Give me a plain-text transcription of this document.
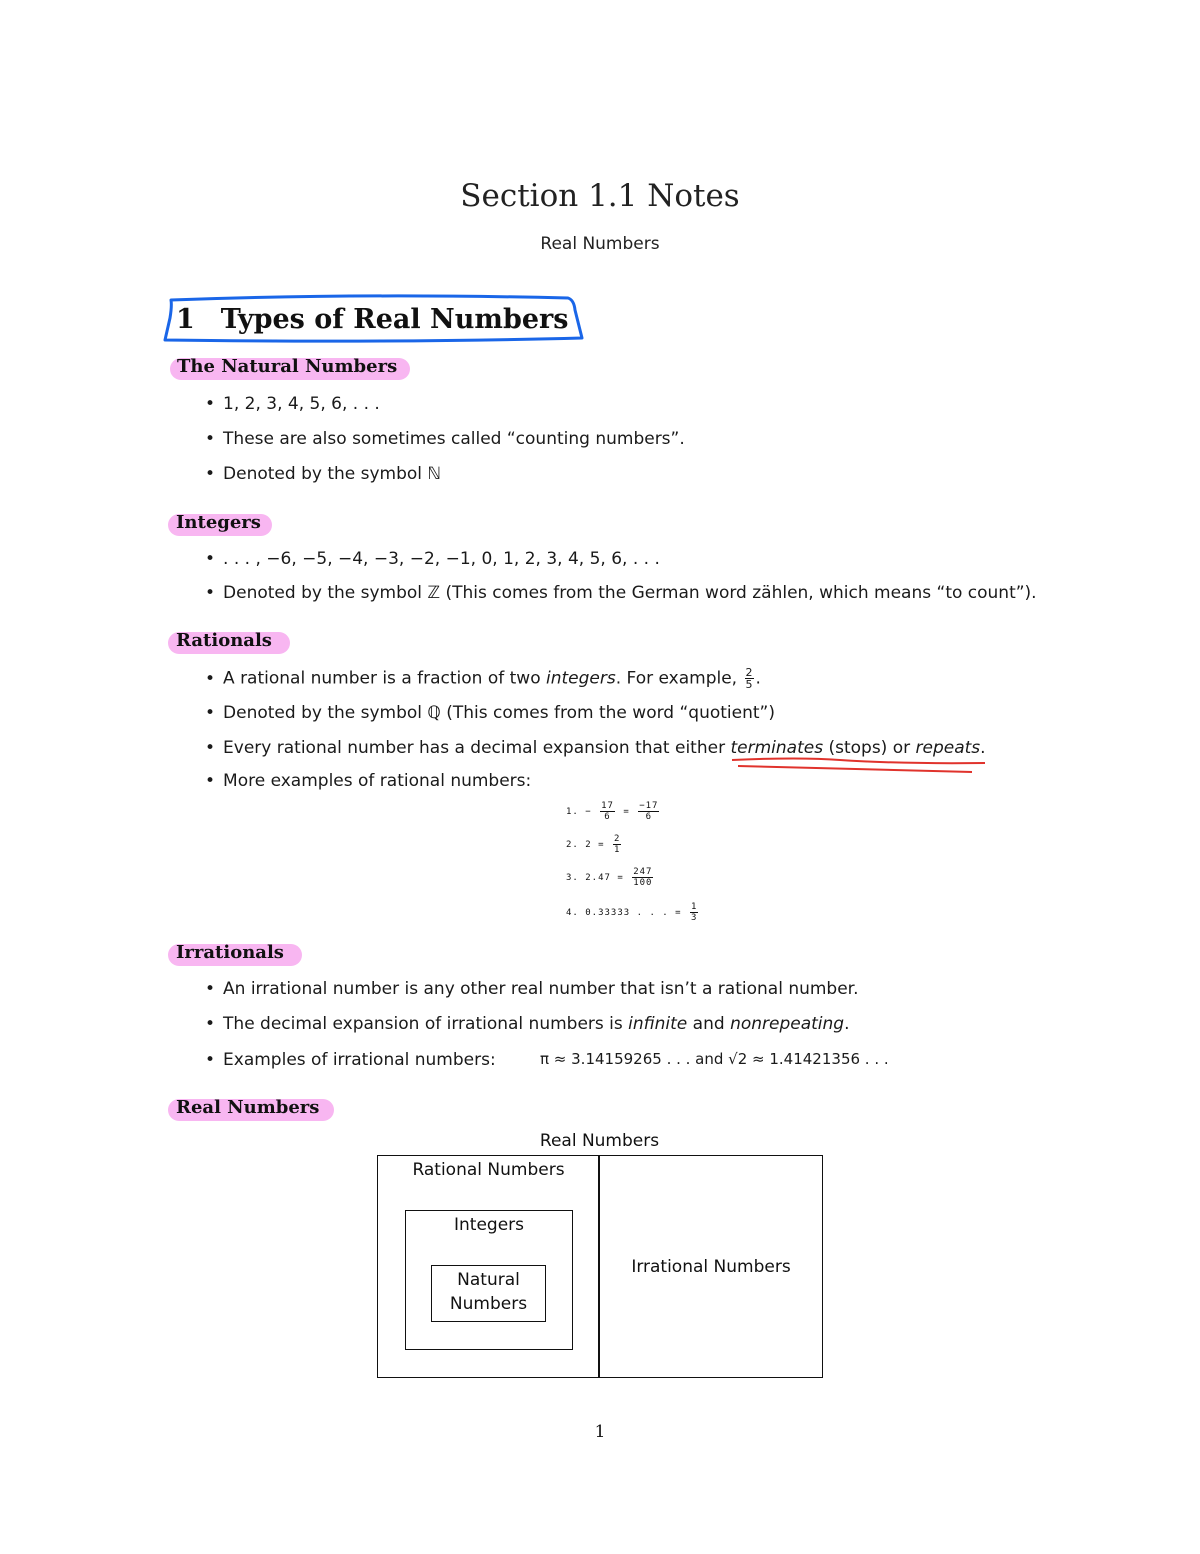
Section 1.1 Notes
Real Numbers
1 Types of Real Numbers
The Natural Numbers
• 1, 2, 3, 4, 5, 6, . . .
• These are also sometimes called “counting numbers”.
• Denoted by the symbol ℕ
Integers
• . . . , −6, −5, −4, −3, −2, −1, 0, 1, 2, 3, 4, 5, 6, . . .
• Denoted by the symbol ℤ (This comes from the German word zählen, which means “to count”).
Rationals
• A rational number is a fraction of two integers. For example, $\frac{2}{5}$ .
• Denoted by the symbol ℚ (This comes from the word “quotient”)
• Every rational number has a decimal expansion that either terminates (stops) or repeats.
• More examples of rational numbers:
1. − $\frac{17}{6} = \frac{-17}{6}$
2. $2 = \frac{2}{1}$
3. $2.47 = \frac{247}{100}$
4. 0.33333 . . . = $\frac{1}{3}$
Irrationals
• An irrational number is any other real number that isn’t a rational number.
• The decimal expansion of irrational numbers is infinite and nonrepeating.
• Examples of irrational numbers:	π ≈ 3.14159265 . . . and √2 ≈ 1.41421356 . . .
Real Numbers
Real Numbers
Rational Numbers
Integers
Natural
Numbers
Irrational Numbers
1
